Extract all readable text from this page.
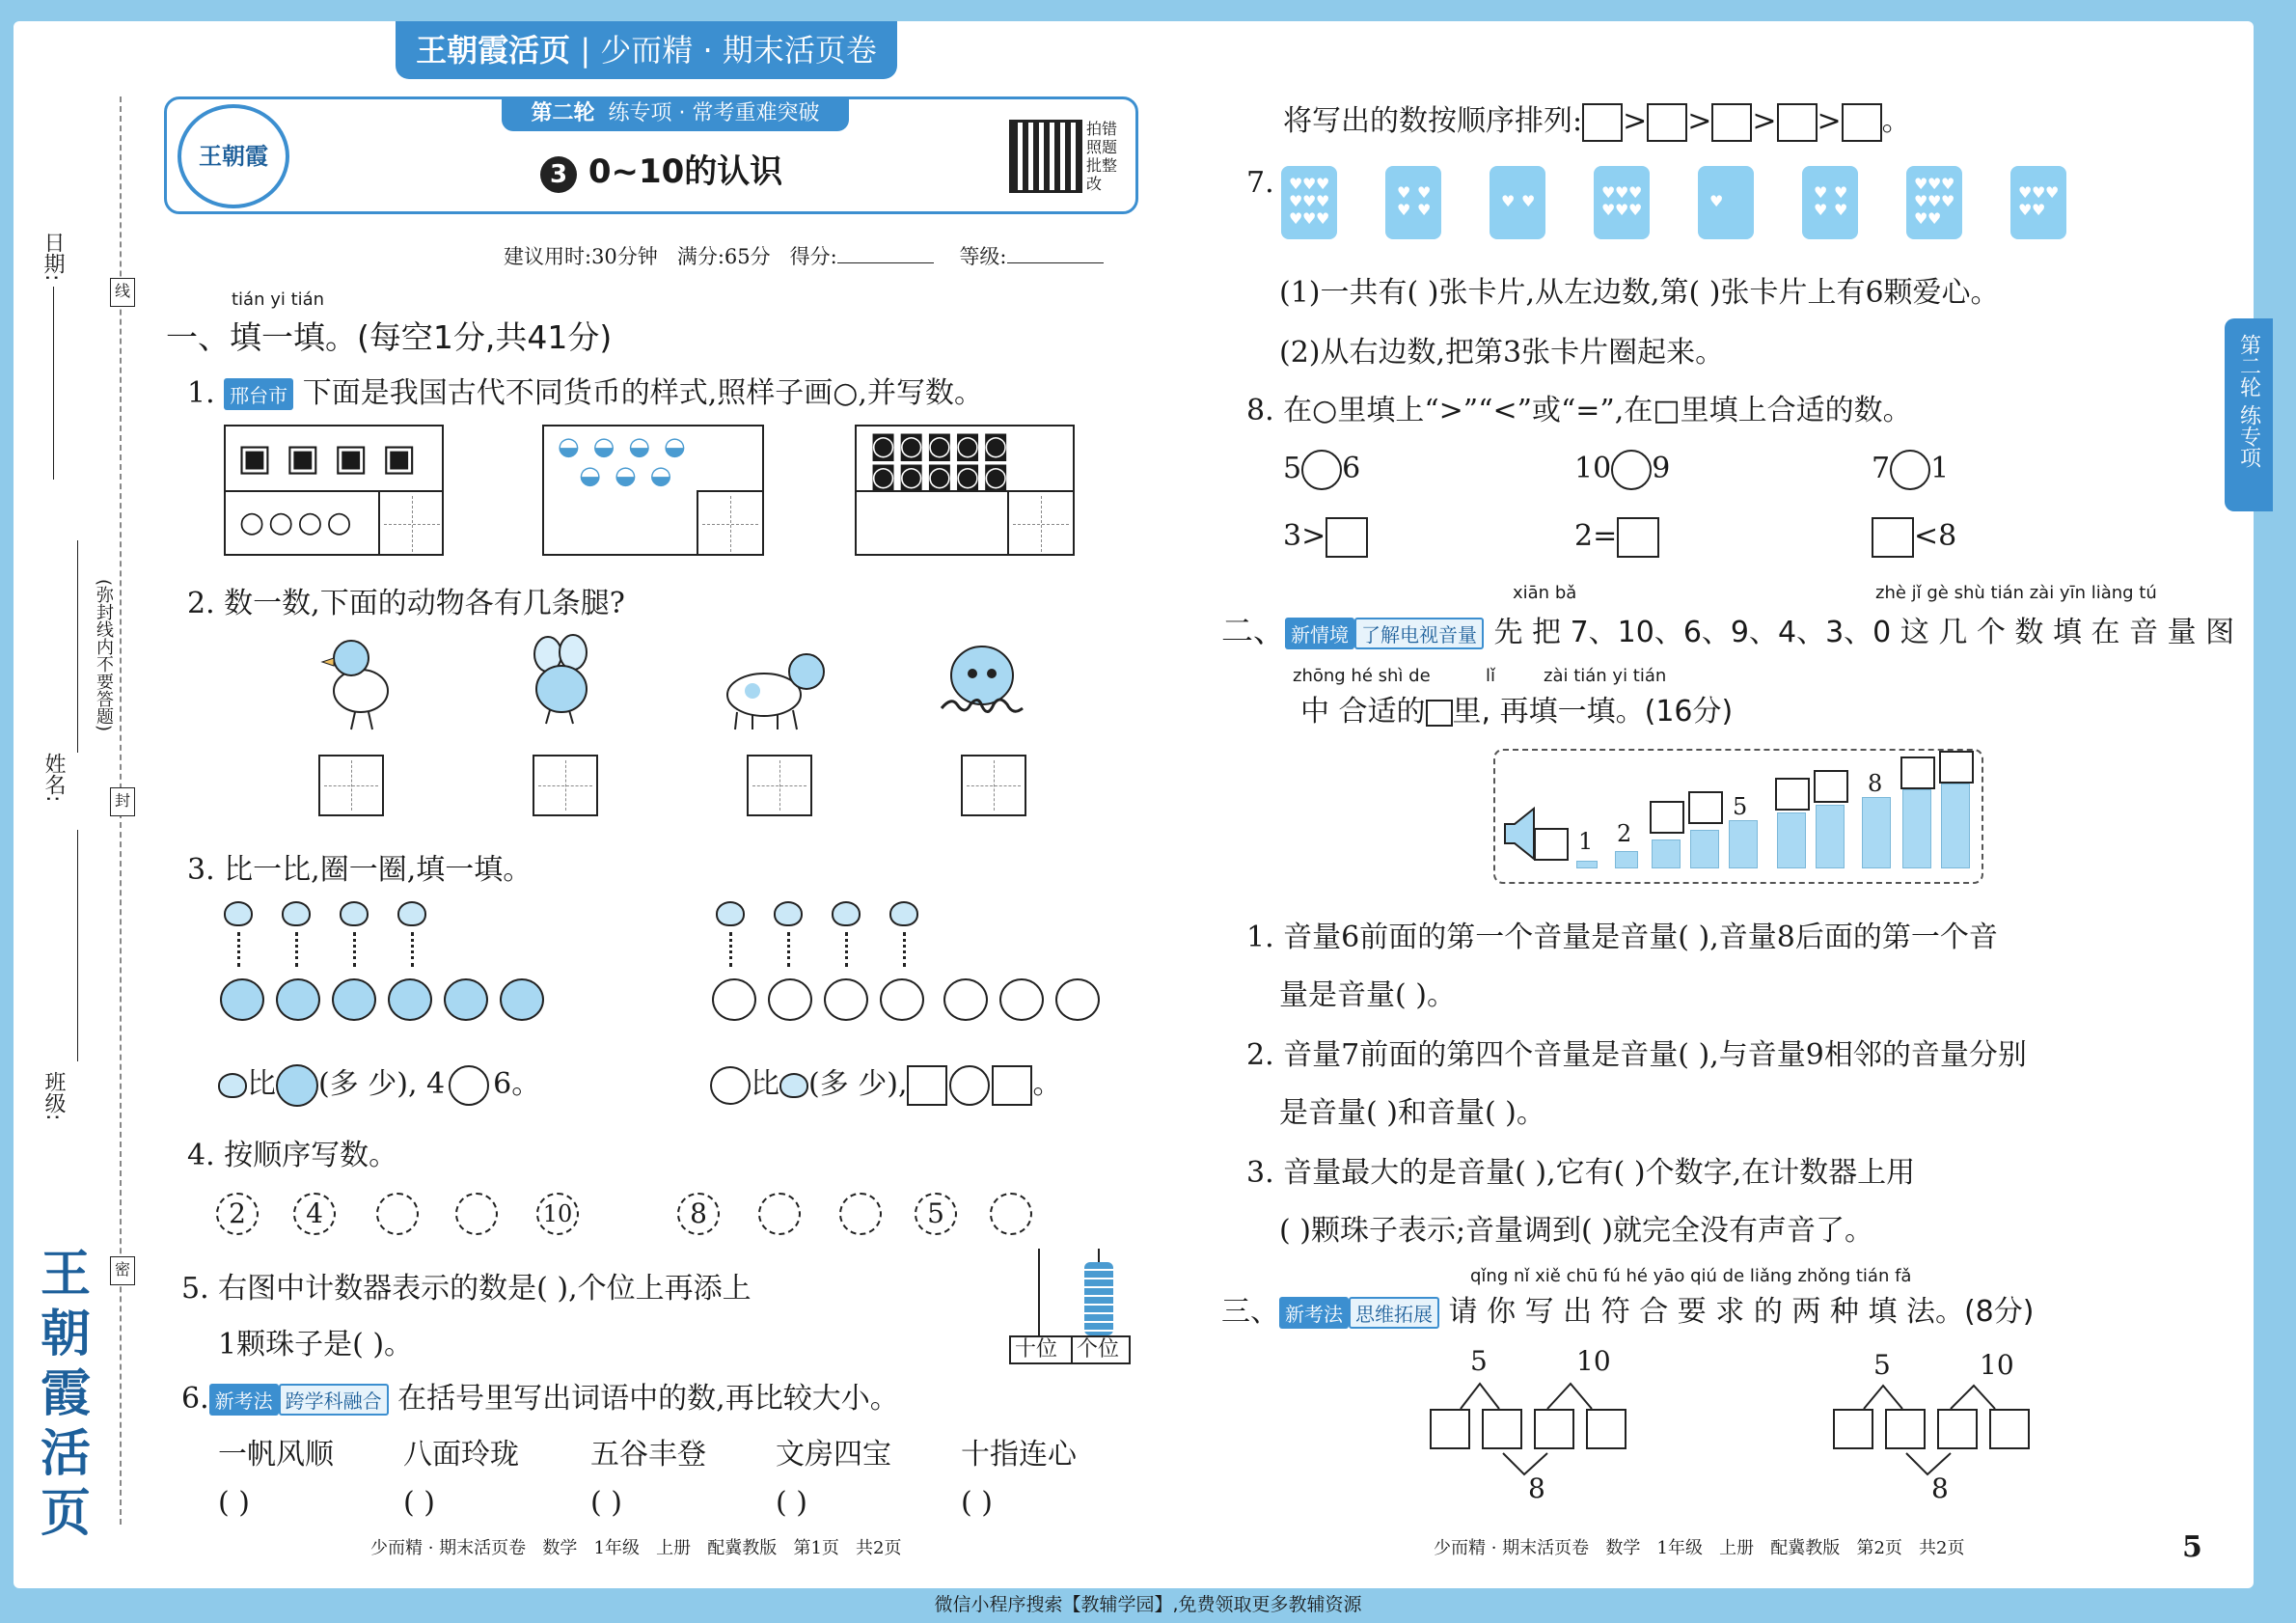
王朝霞活页 | 少而精 · 期末活页卷
王朝霞
第二轮 练专项 · 常考重难突破
3 0~10的认识
拍错照题批整改
建议用时:30分钟 满分:65分 得分:	等级:
日期:
姓名:
班级:
(弥封线内不要答题)
线
封
密
王
朝
霞
活
页
第二轮 练专项
tián yi tián
一、填一填。(每空1分,共41分)
1. 邢台市 下面是我国古代不同货币的样式,照样子画○,并写数。
▣▣▣▣
○○○○
◒◒◒◒
◒◒◒
◙◙◙◙◙
◙◙◙◙◙
2. 数一数,下面的动物各有几条腿?
3. 比一比,圈一圈,填一填。
比 (多 少), 4 6。	比 (多 少),	。
4. 按顺序写数。
2	4	10	8	5
5. 右图中计数器表示的数是( ),个位上再添上
1颗珠子是( )。	十位 个位
6. 新考法 跨学科融合 在括号里写出词语中的数,再比较大小。
一帆风顺 八面玲珑 五谷丰登 文房四宝 十指连心
( )	( )	( )	( )	( )
少而精 · 期末活页卷   数学   1年级   上册   配冀教版   第1页   共2页
将写出的数按顺序排列: > > > > 。
7.
(1)一共有( )张卡片,从左边数,第( )张卡片上有6颗爱心。
(2)从右边数,把第3张卡片圈起来。
8. 在○里填上“>”“<”或“=”,在□里填上合适的数。
5 6	10 9	7 1
3>	2=	<8
xiān bǎ	zhè jǐ gè shù tián zài yīn liàng tú
二、 新情境 了解电视音量 先 把 7、10、6、9、4、3、0 这 几 个 数 填 在 音 量 图
zhōng hé shì de	lǐ	zài tián yi tián
中 合适的 里, 再填一填。(16分)
1 2
5
8
1. 音量6前面的第一个音量是音量( ),音量8后面的第一个音
量是音量( )。
2. 音量7前面的第四个音量是音量( ),与音量9相邻的音量分别
是音量( )和音量( )。
3. 音量最大的是音量( ),它有( )个数字,在计数器上用
( )颗珠子表示;音量调到( )就完全没有声音了。
qǐng nǐ xiě chū fú hé yāo qiú de liǎng zhǒng tián fǎ
三、 新考法 思维拓展 请 你 写 出 符 合 要 求 的 两 种 填 法。(8分)
5	10
8
5	10
8
少而精 · 期末活页卷   数学   1年级   上册   配冀教版   第2页   共2页	5
微信小程序搜索【教辅学园】,免费领取更多教辅资源
♥ ♥ ♥
♥ ♥ ♥
♥ ♥ ♥
♥ ♥
♥ ♥	♥ ♥	♥ ♥ ♥
♥ ♥ ♥	♥	♥ ♥
♥ ♥
♥ ♥ ♥
♥ ♥ ♥
♥ ♥
♥ ♥ ♥
♥ ♥
